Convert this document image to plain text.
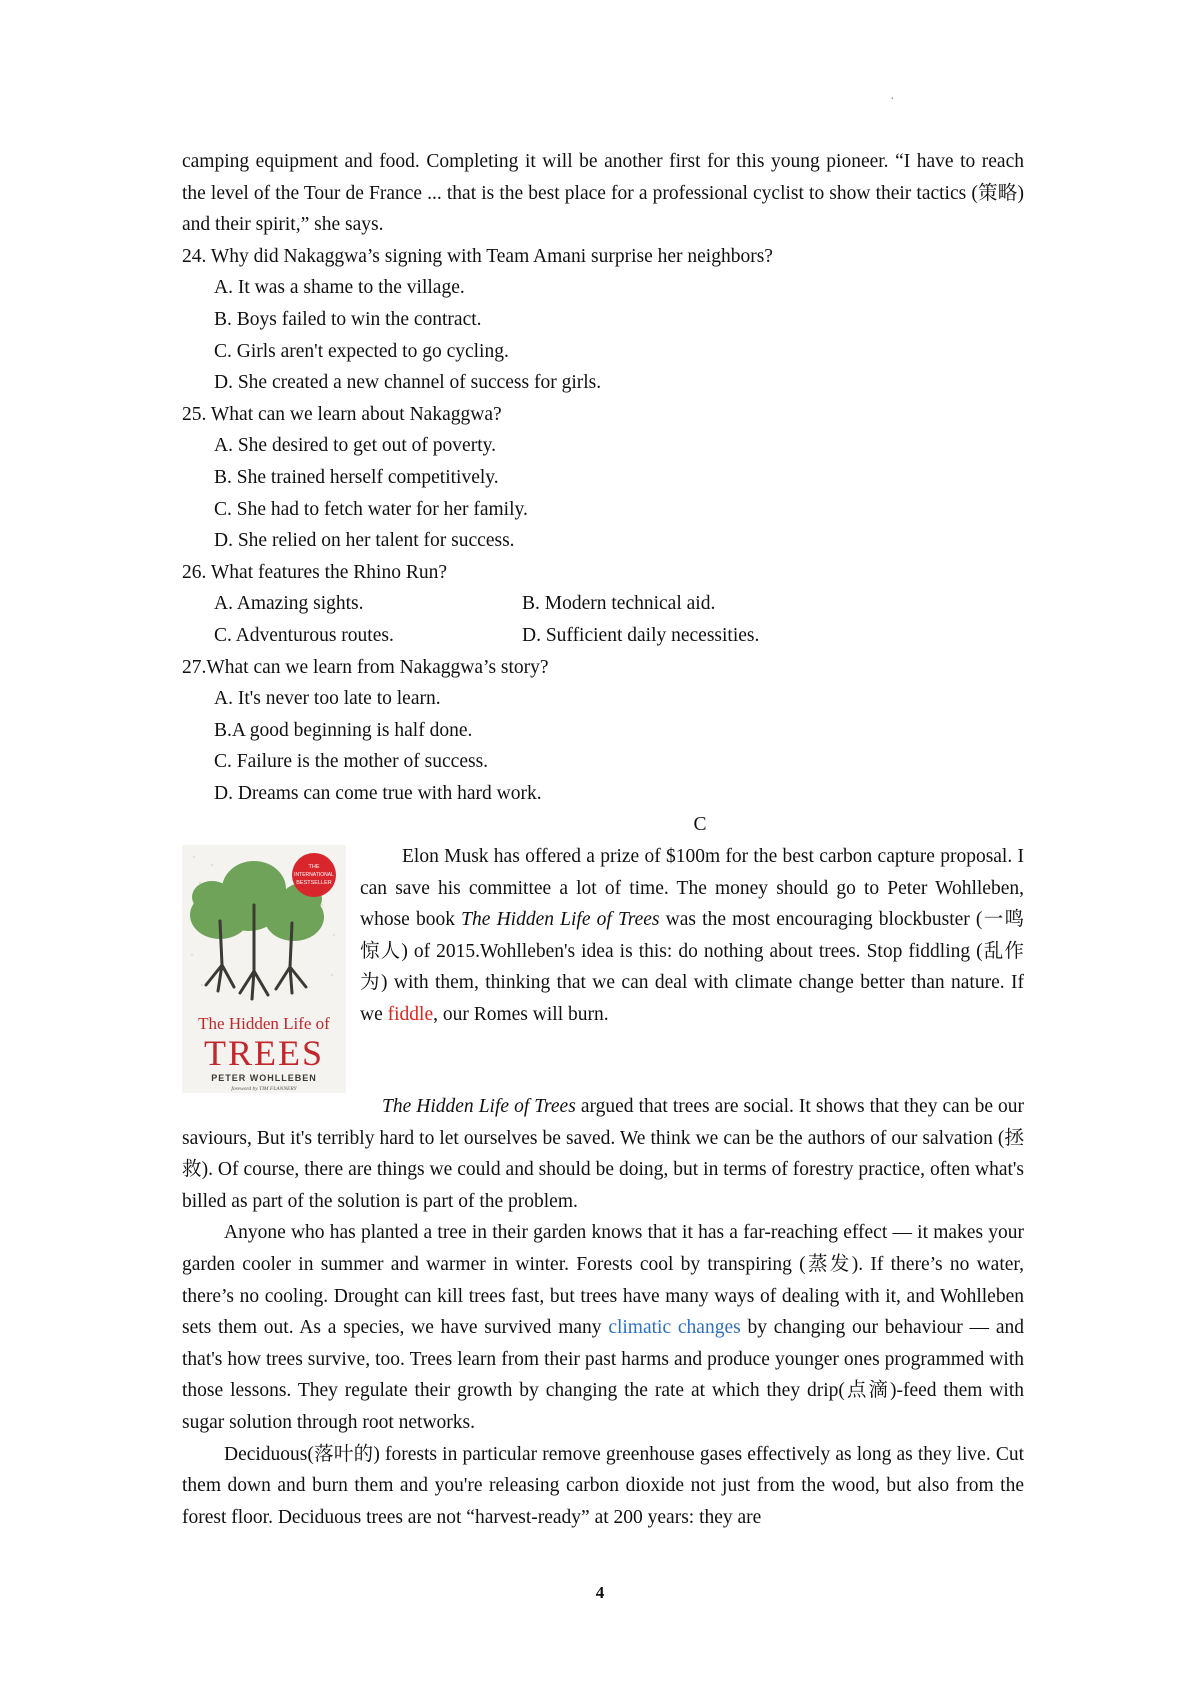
·

camping equipment and food. Completing it will be another first for this young pioneer. “I have to reach the level of the Tour de France ... that is the best place for a professional cyclist to show their tactics (策略) and their spirit,” she says.

24. Why did Nakaggwa’s signing with Team Amani surprise her neighbors?

A. It was a shame to the village.

B. Boys failed to win the contract.

C. Girls aren't expected to go cycling.

D. She created a new channel of success for girls.

25. What can we learn about Nakaggwa?

A. She desired to get out of poverty.

B. She trained herself competitively.

C. She had to fetch water for her family.

D. She relied on her talent for success.

26. What features the Rhino Run?

A. Amazing sights.	B. Modern technical aid.
C. Adventurous routes.	D. Sufficient daily necessities.

27.What can we learn from Nakaggwa’s story?

A. It's never too late to learn.

B.A good beginning is half done.

C. Failure is the mother of success.

D. Dreams can come true with hard work.

C

THE
INTERNATIONAL
BESTSELLER
The Hidden Life of
TREES
PETER WOHLLEBEN
foreword by TIM FLANNERY

Elon Musk has offered a prize of $100m for the best carbon capture proposal. I can save his committee a lot of time. The money should go to Peter Wohlleben, whose book The Hidden Life of Trees was the most encouraging blockbuster (一鸣惊人) of 2015.Wohlleben's idea is this: do nothing about trees. Stop fiddling (乱作为) with them, thinking that we can deal with climate change better than nature. If we fiddle, our Romes will burn.

The Hidden Life of Trees argued that trees are social. It shows that they can be our saviours, But it's terribly hard to let ourselves be saved. We think we can be the authors of our salvation (拯救). Of course, there are things we could and should be doing, but in terms of forestry practice, often what's billed as part of the solution is part of the problem.

Anyone who has planted a tree in their garden knows that it has a far-reaching effect — it makes your garden cooler in summer and warmer in winter. Forests cool by transpiring (蒸发). If there’s no water, there’s no cooling. Drought can kill trees fast, but trees have many ways of dealing with it, and Wohlleben sets them out. As a species, we have survived many climatic changes by changing our behaviour — and that's how trees survive, too. Trees learn from their past harms and produce younger ones programmed with those lessons. They regulate their growth by changing the rate at which they drip(点滴)-feed them with sugar solution through root networks.

Deciduous(落叶的) forests in particular remove greenhouse gases effectively as long as they live. Cut them down and burn them and you're releasing carbon dioxide not just from the wood, but also from the forest floor. Deciduous trees are not “harvest-ready” at 200 years: they are

4
